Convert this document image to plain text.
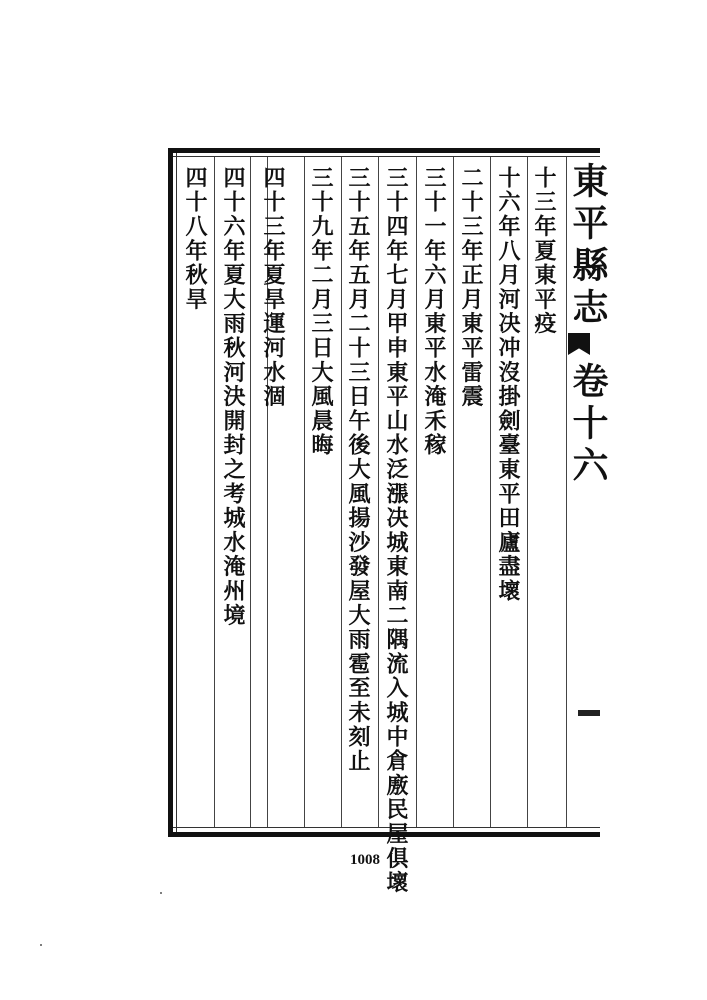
東平縣志
卷十六
十三年夏東平疫
十六年八月河决冲沒掛劍臺東平田廬盡壞
二十三年正月東平雷震
三十一年六月東平水淹禾稼
三十四年七月甲申東平山水泛漲决城東南二隅流入城中倉廒民屋俱壞
三十五年五月二十三日午後大風揚沙發屋大雨雹至未刻止
三十九年二月三日大風晨晦
四十三年夏旱運河水涸
四十六年夏大雨秋河決開封之考城水淹州境
四十八年秋旱
1008
